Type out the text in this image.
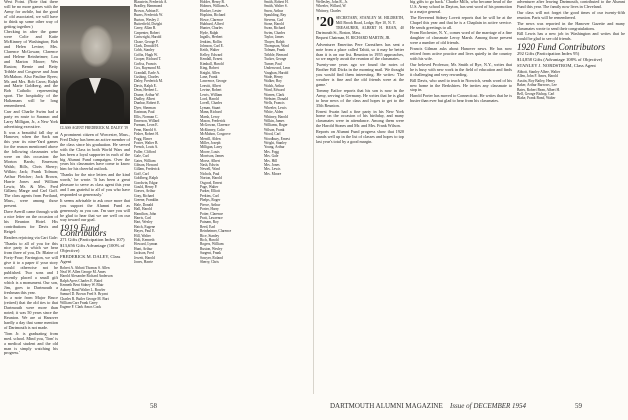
West Point. (Note that there will be no more games with the Army for awhile, but the good ol' old associated, we will have to think up some other way of getting together.)

Checking in after the game were Colie and Katie McKinney of Washington; Bob and Helen Levine; Mrs. Clarence McGowan; Clarence and Helene Reinheimer; Lou and Marion Moore; Wes Ruston; Bernie and Betty Tribble and Cosgrove and Joan McMahon. Also Pauline Ryers; Mr. and Mrs. Bob Caros; Ralph and Marie Goldberg, and the Bob Catholic representing sport. The hospitality of the Haltzmans will be long remembered.

Carr and Charlie Swim had a party en route to Saranac and Larry Milligan, Jr., a New York advertising executive.

It was a beautiful fall day at Hanover, when the Sack ran this year its nine-Yard games for the reason mentioned above the following classmates who were on this occasion: the Morton Bards; Emerson; Walsh; Bills, Chris Sherry; Wilkin; Jack; Frank Tolman; Arthur Fletcher; Jack Brown, Harrie Jones and William Lewis; Mr. & Mrs. Fred Gillam; Marge and Carl Goff. The class agents from Portland, Mass., were among those present.

Dave Averill came through with a nice letter on the occasion of his Reunion Hotel. His contributions for Davis and Reigel:

Readers rejoicing via Cari Gale:

'Thanks to all of you for this nice party in which we hear from three of you, Dr. Blaine of Forty-Four; Farrington, we will give it to a paper if your story would otherwise not be published. Two sons and I recently placed a small gift which is a monument. Our son, Jim, goes to Dartmouth a freshman this year.

In a note from Major Bruce (retired) that the old ties to that Dartmouth were more than noted; it was 50 years since the Reunion. We are at Hanover hardly a day that some mention of Dartmouth is not made.

'Tom Jr. is graduating from med. school. Mind you, 'Tom' is a medical student and the old man is simply watching his progress.'

CLASS AGENT FREDERICK M. DALEY '19

A prominent citizen of Worcester, Mass., Fred Daley has been an active member of the class since his graduation. He served with the Class in both World Wars and has been a loyal supporter in each of the big Alumni Fund campaigns. Over the years his classmates have come to know him for his cheerful outlook.

'Thanks for the nice letters and the kind words,' he wrote. 'It has been a great pleasure to serve as class agent this year and I am grateful to all of you who have responded so generously.'

It seems advisable to ask once more that you support the Alumni Fund as generously as you can. I'm sure you will be glad to hear that we are well on our way toward our goal.

1919 Fund Contributors
271 Gifts (Participation Index 107)
$13,656 Gifts Advantage (100% of Objective)
FREDERICK M. DALEY, Class Agent
Robert A. Abbott Thomas S. Allen
Neal W. Allen George M. Ames
Harold Alexander Richard Anderson
Ralph Ayers Charles E. Baird
Kenneth Bent Sidney W. Blair
Aubrey Bond Walter L. Bowler
Samuel D. Brown Fred S. Bryant
Charles R. Butler George M. Burt
William Carr Frank Carey
Eugene F. Clark Amos Cook
Blaustein, Frederick A.
Bradley, Hammond
Brown, Adrian E.
Burns, Frederick W.
Burton, Wesley J.
Butterfield, Dwight
Carey, Allan B.
Carpenter, Robert
Cartwright, Harold
Chase, George F.
Clark, Donald H.
Cobb, Stanley
Coffin, Hugh W.
Cooper, Richard T.
Corliss, Francis
Cox, Raymond M.
Crandall, Earle A.
Cushing, Charles
Daley, Frederick M.
Davis, Ralph E.
Dean, Herbert L.
Doane, Arthur W.
Dudley, Albert
Dunbar, Robert E.
Dyer, Sherman
Eastman, Paul
Ellis, Norman C.
Emerson, Willard
Farnum, Leon E.
Fenn, Harold S.
Fisher, Robert H.
Fogg, Elmer
Foster, Walter B.
French, Louis A.
Fuller, Clifford
Gale, Carl
Gates, William
Gibson, Howard
Gillam, Frederick
Goff, Carl
Goldberg, Ralph
Goodwin, Edgar
Gould, Henry P.
Graves, Arthur
Gray, Richard
Greene, Franklin
Hale, Donald
Hall, Harold
Hamilton, John
Harris, Carl
Hart, Wesley
Hatch, Eugene
Hayes, Paul E.
Hill, Walter
Holt, Kenneth
Howard, Lyman
Hunt, Arthur
Jackson, Fred
Jewett, Harold
Jones, Harrie
Holder, Henry B.
Holmes, William A.
Hooker, Lester
Hopkins, Richard
Howe, Clarence
Hubbard, Alfred
Hunter, Charles
Hyde, Ralph
Ingalls, Herbert
Jenkins, Rollin
Johnson, Carl E.
Keith, Walter
Kelley, Edward
Kendall, Ernest
Kimball, Harold
King, Robert
Knight, Allen
Lane, Frank
Lawrence, George
Leavitt, Albert
Levine, Robert
Lewis, William
Lord, Harold
Lovell, Charles
Lyman, Stuart
Mann, Richard
Marsh, Leroy
Mason, Frederick
McGowan, Clarence
McKinney, Colie
McMahon, Cosgrove
Merrill, Alden
Miller, Joseph
Milligan, Larry
Moore, Louis
Morrison, James
Morse, Albert
Nash, Edwin
Newell, Ward
Nichols, Paul
Norton, Harold
Osgood, Ernest
Page, Walter
Parker, Elliott
Perkins, Carl
Phelps, Roger
Pierce, Arthur
Porter, Harry
Potter, Clarence
Pratt, Lawrence
Putnam, Roy
Reed, Earl
Reinheimer, Clarence
Rice, Stanley
Rich, Harold
Rogers, William
Ruston, Wesley
Sargent, Frank
Sawyer, Roland
Sherry, Chris
Smith, Robert H.
Smith, Walter S.
Snow, Arthur
Spaulding, Ray
Stevens, Carl
Stone, Harold
Swan, Richard
Swim, Charles
Taylor, James
Thayer, Ralph
Thompson, Ward
Tolman, Frank
Tribble, Bernard
Tucker, George
Turner, Paul
Underwood, Leon
Vaughan, Harold
Wade, Henry
Walker, Roy
Walsh, Arthur
Ward, Edward
Warren, Clark
Webster, Donald
Wells, Francis
Wheeler, Lewis
White, Alden
Whitney, Harold
Wilkin, James
Williams, Roger
Wilson, Frank
Wood, Carl
Woodbury, Ernest
Wright, Stanley
Young, Arthur
Mrs. Fogg
Mrs. Gale
Mrs. Hill
Mrs. Jones
Mrs. Lewis
Mrs. Moore
Wellesley, John R., Jr.
Wheeler, Willard, W.
Whitney, Charles
'20 SECRETARY, STANLEY M. HILDRETH, Mill Brook Road, Lodge, Rye 10, N. Y.

TREASURER, ALBERT H. BEAN, 40 Dartmouth St., Boston, Mass.

Bequest Chairman, H. RICHARD MARTIN, JR.

Adventurer Emeritus Pere Carruthers has sent a note from a place called Tahiti, so it may be better than it is on our list. Reunion in 1955 approaches, so we eagerly await the reunion of the classmates.

Twenty-one years ago we found the notes of Brother Bill Dicks in the morning mail. We thought you would find them interesting. He writes: 'The weather is fine and the old friends were at the game.'

Tommy Eatlov reports that his son is now in the Army, serving in Germany. He writes that he is glad to hear news of the class and hopes to get to the 35th Reunion.

Ernest Swain had a fine party in his New York home on the occasion of his birthday, and many classmates were in attendance. Among them were the Harold Stones and Mr. and Mrs. Frank Wilson.

Reports on Alumni Fund progress show that 1920 stands well up in the list of classes and hopes to top last year's total by a good margin.

big gifts to go back.' Charlie Mills, who became head of the U.S. Army school in Dayton, has sent word of his promotion to a major general.

The Reverend Sidney Lovett reports that he will be at the Chapel this year and that he is a Chaplain in active service. He sends greetings to all.

From Rochester, N. Y., comes word of the marriage of a fine daughter of classmate Leroy Marsh. Among those present were a number of old friends.

Francis Gilman asks about Hanover news. He has now retired from active practice and lives quietly in the country with his wife.

Our beloved Professor, Mr. Smith of Rye, N.Y., writes that he is busy with new work in the field of education and finds it challenging and very rewarding.

Bill Davis, who used to teach in Norwich, sends word of his new home in the Berkshires. He invites any classmate to stop in.

Harold Porter has moved to Connecticut. He writes that he is busier than ever but glad to hear from his classmates.

adventurer after leaving Dartmouth, contributed to the Alumni Fund this year. The family now lives in Cleveland.

Our class will not forget the good times of our twenty-fifth reunion. Paris will be remembered.

The news was reported in the Hanover Gazette and many classmates wrote to send their congratulations.

Bill Lewis has a new job in Washington and writes that he would be glad to see old friends.

1920 Fund Contributors
292 Gifts (Participation Index 95)
$14,858 Gifts (Advantage 108% of Objective)
STANLEY J. NORDSTROM, Class Agent
Abbott, Stanley Albee, Walter
Allen, John F. Ames, Harold
Austin, Roy Bailey, Henry
Baker, Arthur Barrows, Lee
Bates, Robert Bean, Albert H.
Bell, George Bishop, Carl
Blake, Frank Bond, Walter
58	DARTMOUTH ALUMNI MAGAZINE Issue of DECEMBER 1954	59
